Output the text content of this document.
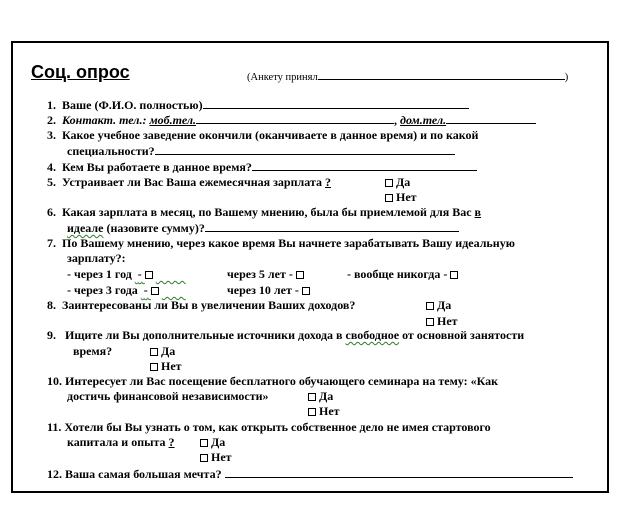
Соц. опрос	(Анкету принял	)
1. Ваше (Ф.И.О. полностью)
2. Контакт. тел.: моб.тел.	, дом.тел.
3. Какое учебное заведение окончили (оканчиваете в данное время) и по какой
специальности?
4. Кем Вы работаете в данное время?
5. Устраивает ли Вас Ваша ежемесячная зарплата ?	Да
Нет
6. Какая зарплата в месяц, по Вашему мнению, была бы приемлемой для Вас в
идеале (назовите сумму)?
7. По Вашему мнению, через какое время Вы начнете зарабатывать Вашу идеальную
зарплату?:
- через 1 год -	через 5 лет -	- вообще никогда -
- через 3 года -	через 10 лет -
8. Заинтересованы ли Вы в увеличении Ваших доходов?	Да
Нет
9. Ищите ли Вы дополнительные источники дохода в свободное от основной занятости
время?	Да
Нет
10. Интересует ли Вас посещение бесплатного обучающего семинара на тему: «Как
достичь финансовой независимости»	Да
Нет
11. Хотели бы Вы узнать о том, как открыть собственное дело не имея стартового
капитала и опыта ?	Да
Нет
12. Ваша самая большая мечта?
